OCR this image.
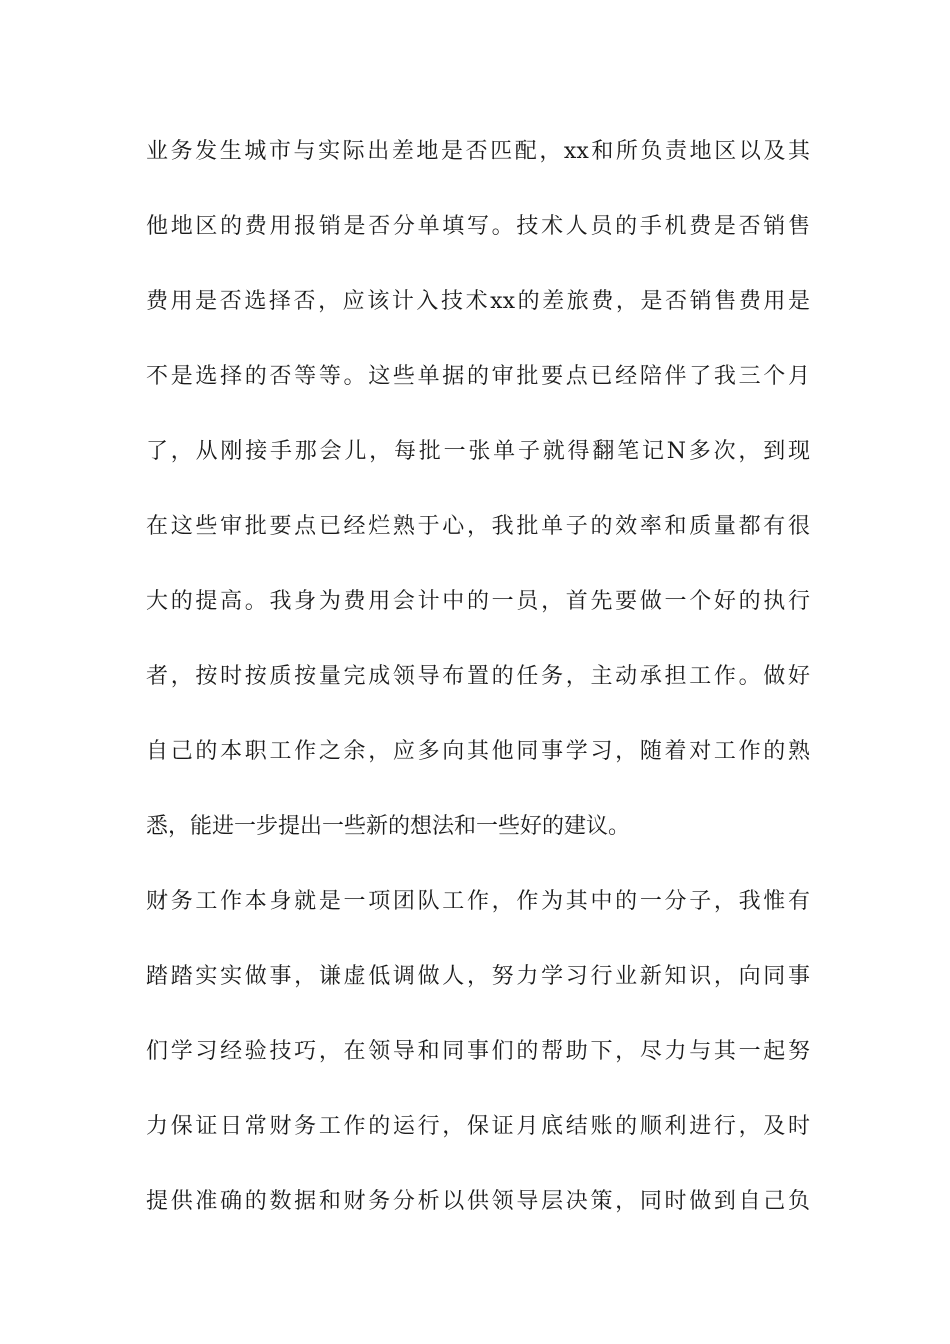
业务发生城市与实际出差地是否匹配，xx和所负责地区以及其
他地区的费用报销是否分单填写。技术人员的手机费是否销售
费用是否选择否，应该计入技术xx的差旅费，是否销售费用是
不是选择的否等等。这些单据的审批要点已经陪伴了我三个月
了，从刚接手那会儿，每批一张单子就得翻笔记N多次，到现
在这些审批要点已经烂熟于心，我批单子的效率和质量都有很
大的提高。我身为费用会计中的一员，首先要做一个好的执行
者，按时按质按量完成领导布置的任务，主动承担工作。做好
自己的本职工作之余，应多向其他同事学习，随着对工作的熟
悉，能进一步提出一些新的想法和一些好的建议。
财务工作本身就是一项团队工作，作为其中的一分子，我惟有
踏踏实实做事，谦虚低调做人，努力学习行业新知识，向同事
们学习经验技巧，在领导和同事们的帮助下，尽力与其一起努
力保证日常财务工作的运行，保证月底结账的顺利进行，及时
提供准确的数据和财务分析以供领导层决策，同时做到自己负
